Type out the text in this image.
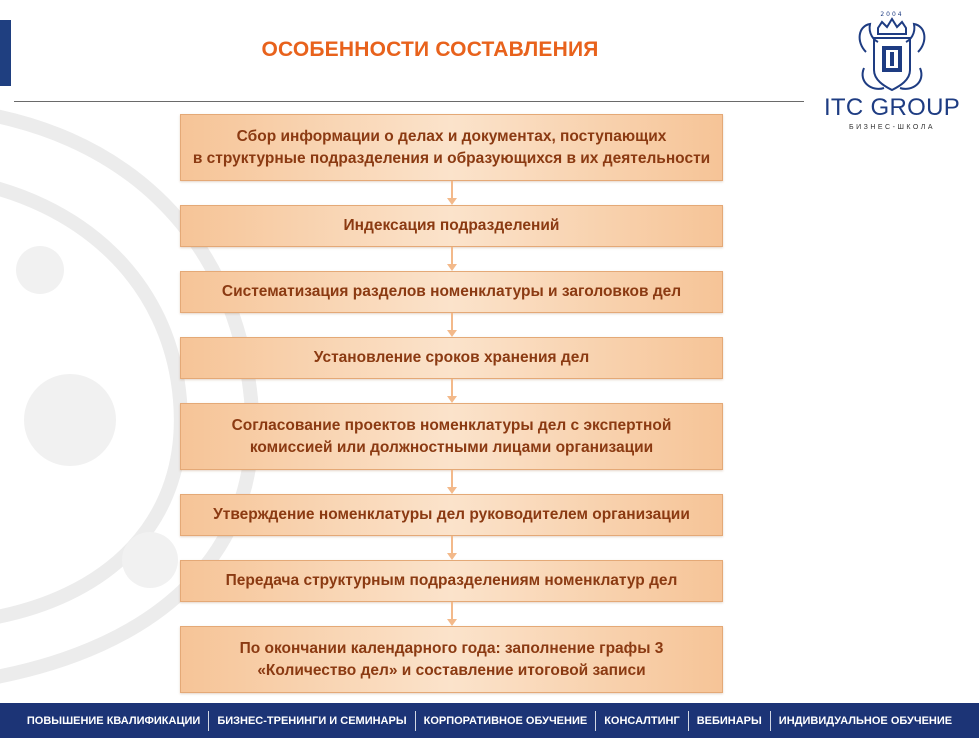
ОСОБЕННОСТИ СОСТАВЛЕНИЯ
2004
ITC GROUP
БИЗНЕС-ШКОЛА
Сбор информации о делах и документах, поступающих
в структурные подразделения и образующихся в их деятельности
Индексация подразделений
Систематизация разделов номенклатуры и заголовков дел
Установление сроков хранения дел
Согласование проектов номенклатуры дел с экспертной
комиссией или должностными лицами организации
Утверждение номенклатуры дел руководителем организации
Передача структурным подразделениям номенклатур дел
По окончании календарного года: заполнение графы 3
«Количество дел» и составление итоговой записи
ПОВЫШЕНИЕ КВАЛИФИКАЦИИ	БИЗНЕС-ТРЕНИНГИ И СЕМИНАРЫ	КОРПОРАТИВНОЕ ОБУЧЕНИЕ	КОНСАЛТИНГ	ВЕБИНАРЫ	ИНДИВИДУАЛЬНОЕ ОБУЧЕНИЕ
